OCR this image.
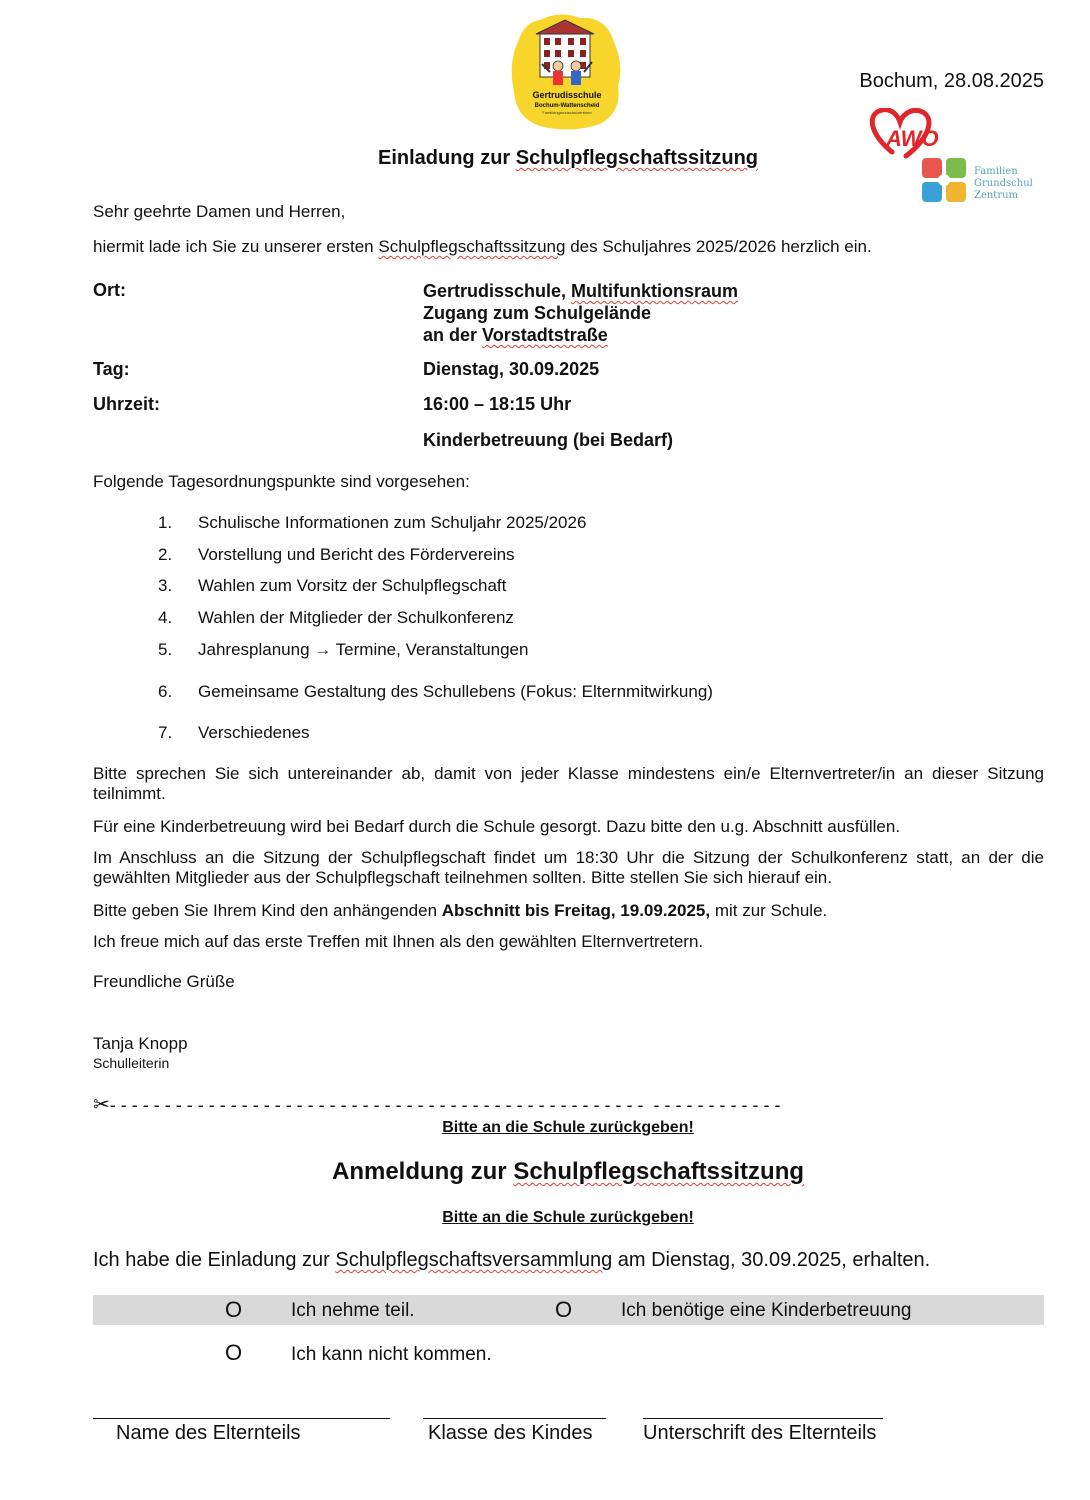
Gertrudisschule
Bochum-Wattenscheid
Familiengrundschulzentrum
Bochum, 28.08.2025
AWO
Familien
Grundschul
Zentrum
Einladung zur Schulpflegschaftssitzung
Sehr geehrte Damen und Herren,
hiermit lade ich Sie zu unserer ersten Schulpflegschaftssitzung des Schuljahres 2025/2026 herzlich ein.
Ort:	Gertrudisschule, Multifunktionsraum
Zugang zum Schulgelände
an der Vorstadtstraße
Tag:	Dienstag, 30.09.2025
Uhrzeit:	16:00 – 18:15 Uhr
Kinderbetreuung (bei Bedarf)
Folgende Tagesordnungspunkte sind vorgesehen:
1.	Schulische Informationen zum Schuljahr 2025/2026
2.	Vorstellung und Bericht des Fördervereins
3.	Wahlen zum Vorsitz der Schulpflegschaft
4.	Wahlen der Mitglieder der Schulkonferenz
5.	Jahresplanung → Termine, Veranstaltungen
6.	Gemeinsame Gestaltung des Schullebens (Fokus: Elternmitwirkung)
7.	Verschiedenes
Bitte sprechen Sie sich untereinander ab, damit von jeder Klasse mindestens ein/e Elternvertreter/in an dieser Sitzung teilnimmt.
Für eine Kinderbetreuung wird bei Bedarf durch die Schule gesorgt. Dazu bitte den u.g. Abschnitt ausfüllen.
Im Anschluss an die Sitzung der Schulpflegschaft findet um 18:30 Uhr die Sitzung der Schulkonferenz statt, an der die gewählten Mitglieder aus der Schulpflegschaft teilnehmen sollten. Bitte stellen Sie sich hierauf ein.
Bitte geben Sie Ihrem Kind den anhängenden Abschnitt bis Freitag, 19.09.2025, mit zur Schule.
Ich freue mich auf das erste Treffen mit Ihnen als den gewählten Elternvertretern.
Freundliche Grüße
Tanja Knopp
Schulleiterin
✂- - - - - - - - - - - - - - - - - - - - - - - - - - - - - - - - - - - - - - - - - - - - - - - - -  - - - - - - - - - - - -
Bitte an die Schule zurückgeben!
Anmeldung zur Schulpflegschaftssitzung
Bitte an die Schule zurückgeben!
Ich habe die Einladung zur Schulpflegschaftsversammlung am Dienstag, 30.09.2025, erhalten.
O	Ich nehme teil.	O	Ich benötige eine Kinderbetreuung
O	Ich kann nicht kommen.
Name des Elternteils	Klasse des Kindes	Unterschrift des Elternteils
